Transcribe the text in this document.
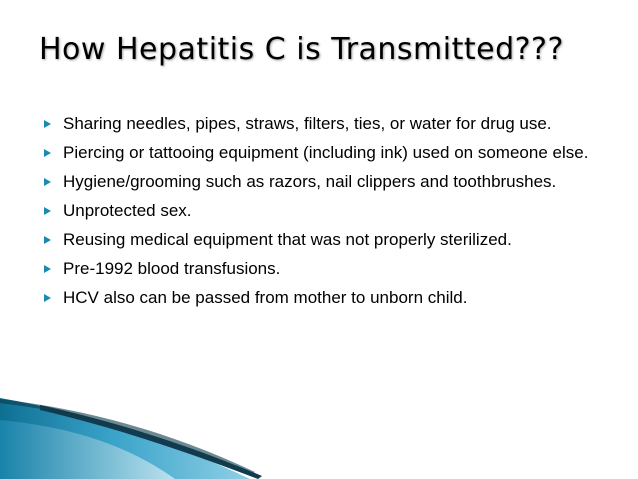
How Hepatitis C is Transmitted???
Sharing needles, pipes, straws, filters, ties, or water for drug use.
Piercing or tattooing equipment (including ink) used on someone else.
Hygiene/grooming such as razors, nail clippers and toothbrushes.
Unprotected sex.
Reusing medical equipment that was not properly sterilized.
Pre-1992 blood transfusions.
HCV also can be passed from mother to unborn child.
